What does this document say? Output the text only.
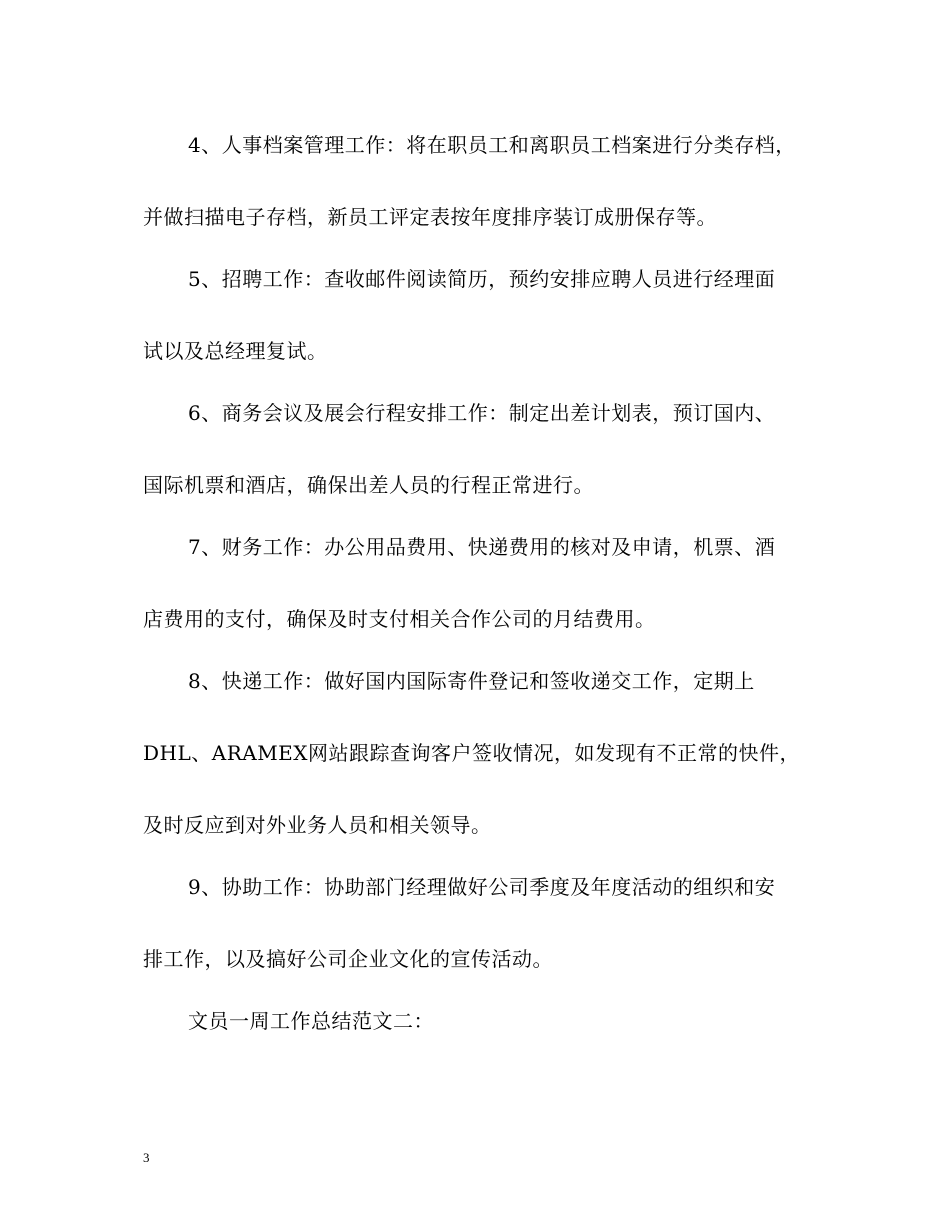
4、人事档案管理工作：将在职员工和离职员工档案进行分类存档，
并做扫描电子存档，新员工评定表按年度排序装订成册保存等。
5、招聘工作：查收邮件阅读简历，预约安排应聘人员进行经理面
试以及总经理复试。
6、商务会议及展会行程安排工作：制定出差计划表，预订国内、
国际机票和酒店，确保出差人员的行程正常进行。
7、财务工作：办公用品费用、快递费用的核对及申请，机票、酒
店费用的支付，确保及时支付相关合作公司的月结费用。
8、快递工作：做好国内国际寄件登记和签收递交工作，定期上
DHL、ARAMEX网站跟踪查询客户签收情况，如发现有不正常的快件，
及时反应到对外业务人员和相关领导。
9、协助工作：协助部门经理做好公司季度及年度活动的组织和安
排工作，以及搞好公司企业文化的宣传活动。
文员一周工作总结范文二：
3
